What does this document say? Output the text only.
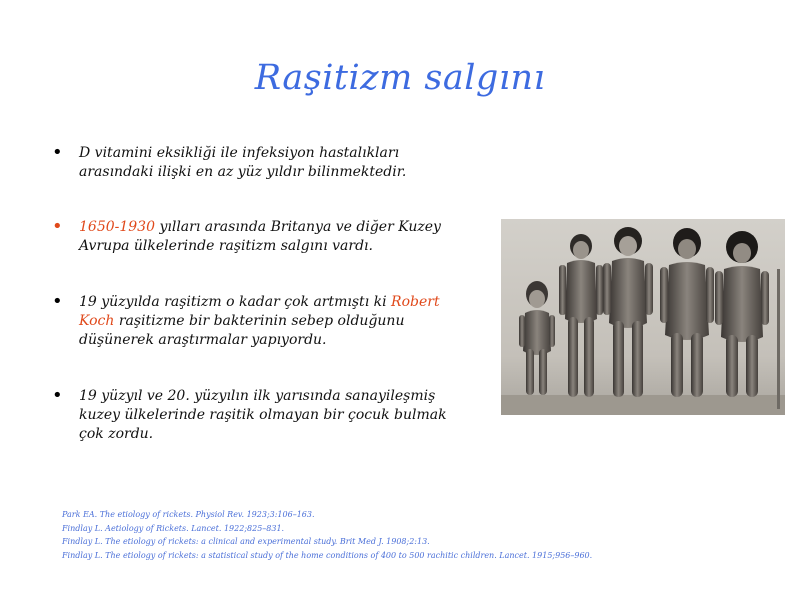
Raşitizm salgını
• D vitamini eksikliği ile infeksiyon hastalıkları
arasındaki ilişki en az yüz yıldır bilinmektedir.
• 1650-1930 yılları arasında Britanya ve diğer Kuzey
Avrupa ülkelerinde raşitizm salgını vardı.
• 19 yüzyılda raşitizm o kadar çok artmıştı ki Robert
Koch raşitizme bir bakterinin sebep olduğunu
düşünerek araştırmalar yapıyordu.
• 19 yüzyıl ve 20. yüzyılın ilk yarısında sanayileşmiş
kuzey ülkelerinde raşitik olmayan bir çocuk bulmak
çok zordu.
Park EA. The etiology of rickets. Physiol Rev. 1923;3:106–163.
Findlay L. Aetiology of Rickets. Lancet. 1922;825–831.
Findlay L. The etiology of rickets: a clinical and experimental study. Brit Med J. 1908;2:13.
Findlay L. The etiology of rickets: a statistical study of the home conditions of 400 to 500 rachitic children. Lancet. 1915;956–960.
